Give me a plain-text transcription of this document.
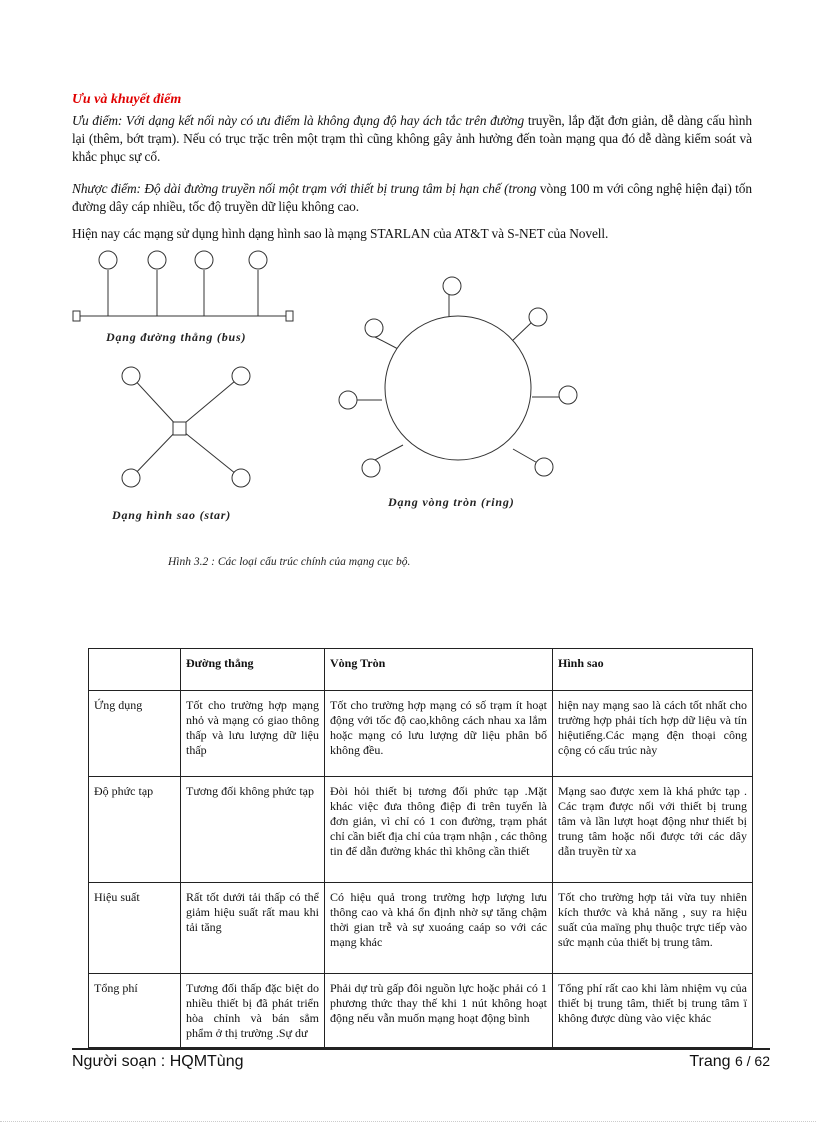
Ưu và khuyết điểm
Ưu điểm: Với dạng kết nối này có ưu điểm là không đụng độ hay ách tắc trên đường truyền, lắp đặt đơn giản, dễ dàng cấu hình lại (thêm, bớt trạm). Nếu có trục trặc trên một trạm thì cũng không gây ảnh hưởng đến toàn mạng qua đó dễ dàng kiểm soát và khắc phục sự cố.
Nhược điểm: Độ dài đường truyền nối một trạm với thiết bị trung tâm bị hạn chế (trong vòng 100 m với công nghệ hiện đại) tốn đường dây cáp nhiều, tốc độ truyền dữ liệu không cao.
Hiện nay các mạng sử dụng hình dạng hình sao là mạng STARLAN của AT&T và S-NET của Novell.
Dạng đường thẳng (bus)
Dạng hình sao (star)
Dạng vòng tròn (ring)
Hình 3.2 : Các loại cấu trúc chính của mạng cục bộ.
	Đường thẳng	Vòng Tròn	Hình sao
Ứng dụng	Tốt cho trường hợp mạng nhỏ và mạng có giao thông thấp và lưu lượng dữ liệu thấp	Tốt cho trường hợp mạng có số trạm ít hoạt động với tốc độ cao,không cách nhau xa lắm hoặc mạng có lưu lượng dữ liệu phân bố không đều.	hiện nay mạng sao là cách tốt nhất cho trường hợp phải tích hợp dữ liệu và tín hiệutiếng.Các mạng đện thoại công cộng có cấu trúc này
Độ phức tạp	Tương đối không phức tạp	Đòi hỏi thiết bị tương đối phức tạp .Mặt khác việc đưa thông điệp đi trên tuyến là đơn giản, vì chỉ có 1 con đường, trạm phát chỉ cần biết địa chỉ của trạm nhận , các thông tin để dẫn đường khác thì không cần thiết	Mạng sao được xem là khá phức tạp . Các trạm được nối với thiết bị trung tâm và lần lượt hoạt động như thiết bị trung tâm hoặc nối được tới các dây dẫn truyền từ xa
Hiệu suất	Rất tốt dưới tải thấp có thể giảm hiệu suất rất mau khi tải tăng	Có hiệu quả trong trường hợp lượng lưu thông cao và khá ổn định nhờ sự tăng chậm thời gian trễ và sự xuoáng caáp so với các mạng khác	Tốt cho trường hợp tải vừa tuy nhiên kích thước và khả năng , suy ra hiệu suất của maïng phụ thuộc trực tiếp vào sức mạnh của thiết bị trung tâm.
Tổng phí	Tương đối thấp đặc biệt do nhiều thiết bị đã phát triển hòa chỉnh và bán sẳm phẩm ở thị trường .Sự dư	Phải dự trù gấp đôi nguồn lực hoặc phải có 1 phương thức thay thế khi 1 nút không hoạt động nếu vẫn muốn mạng hoạt động bình	Tổng phí rất cao khi làm nhiệm vụ của thiết bị trung tâm, thiết bị trung tâm ï không được dùng vào việc khác
Người soạn : HQMTùng	Trang 6 / 62
